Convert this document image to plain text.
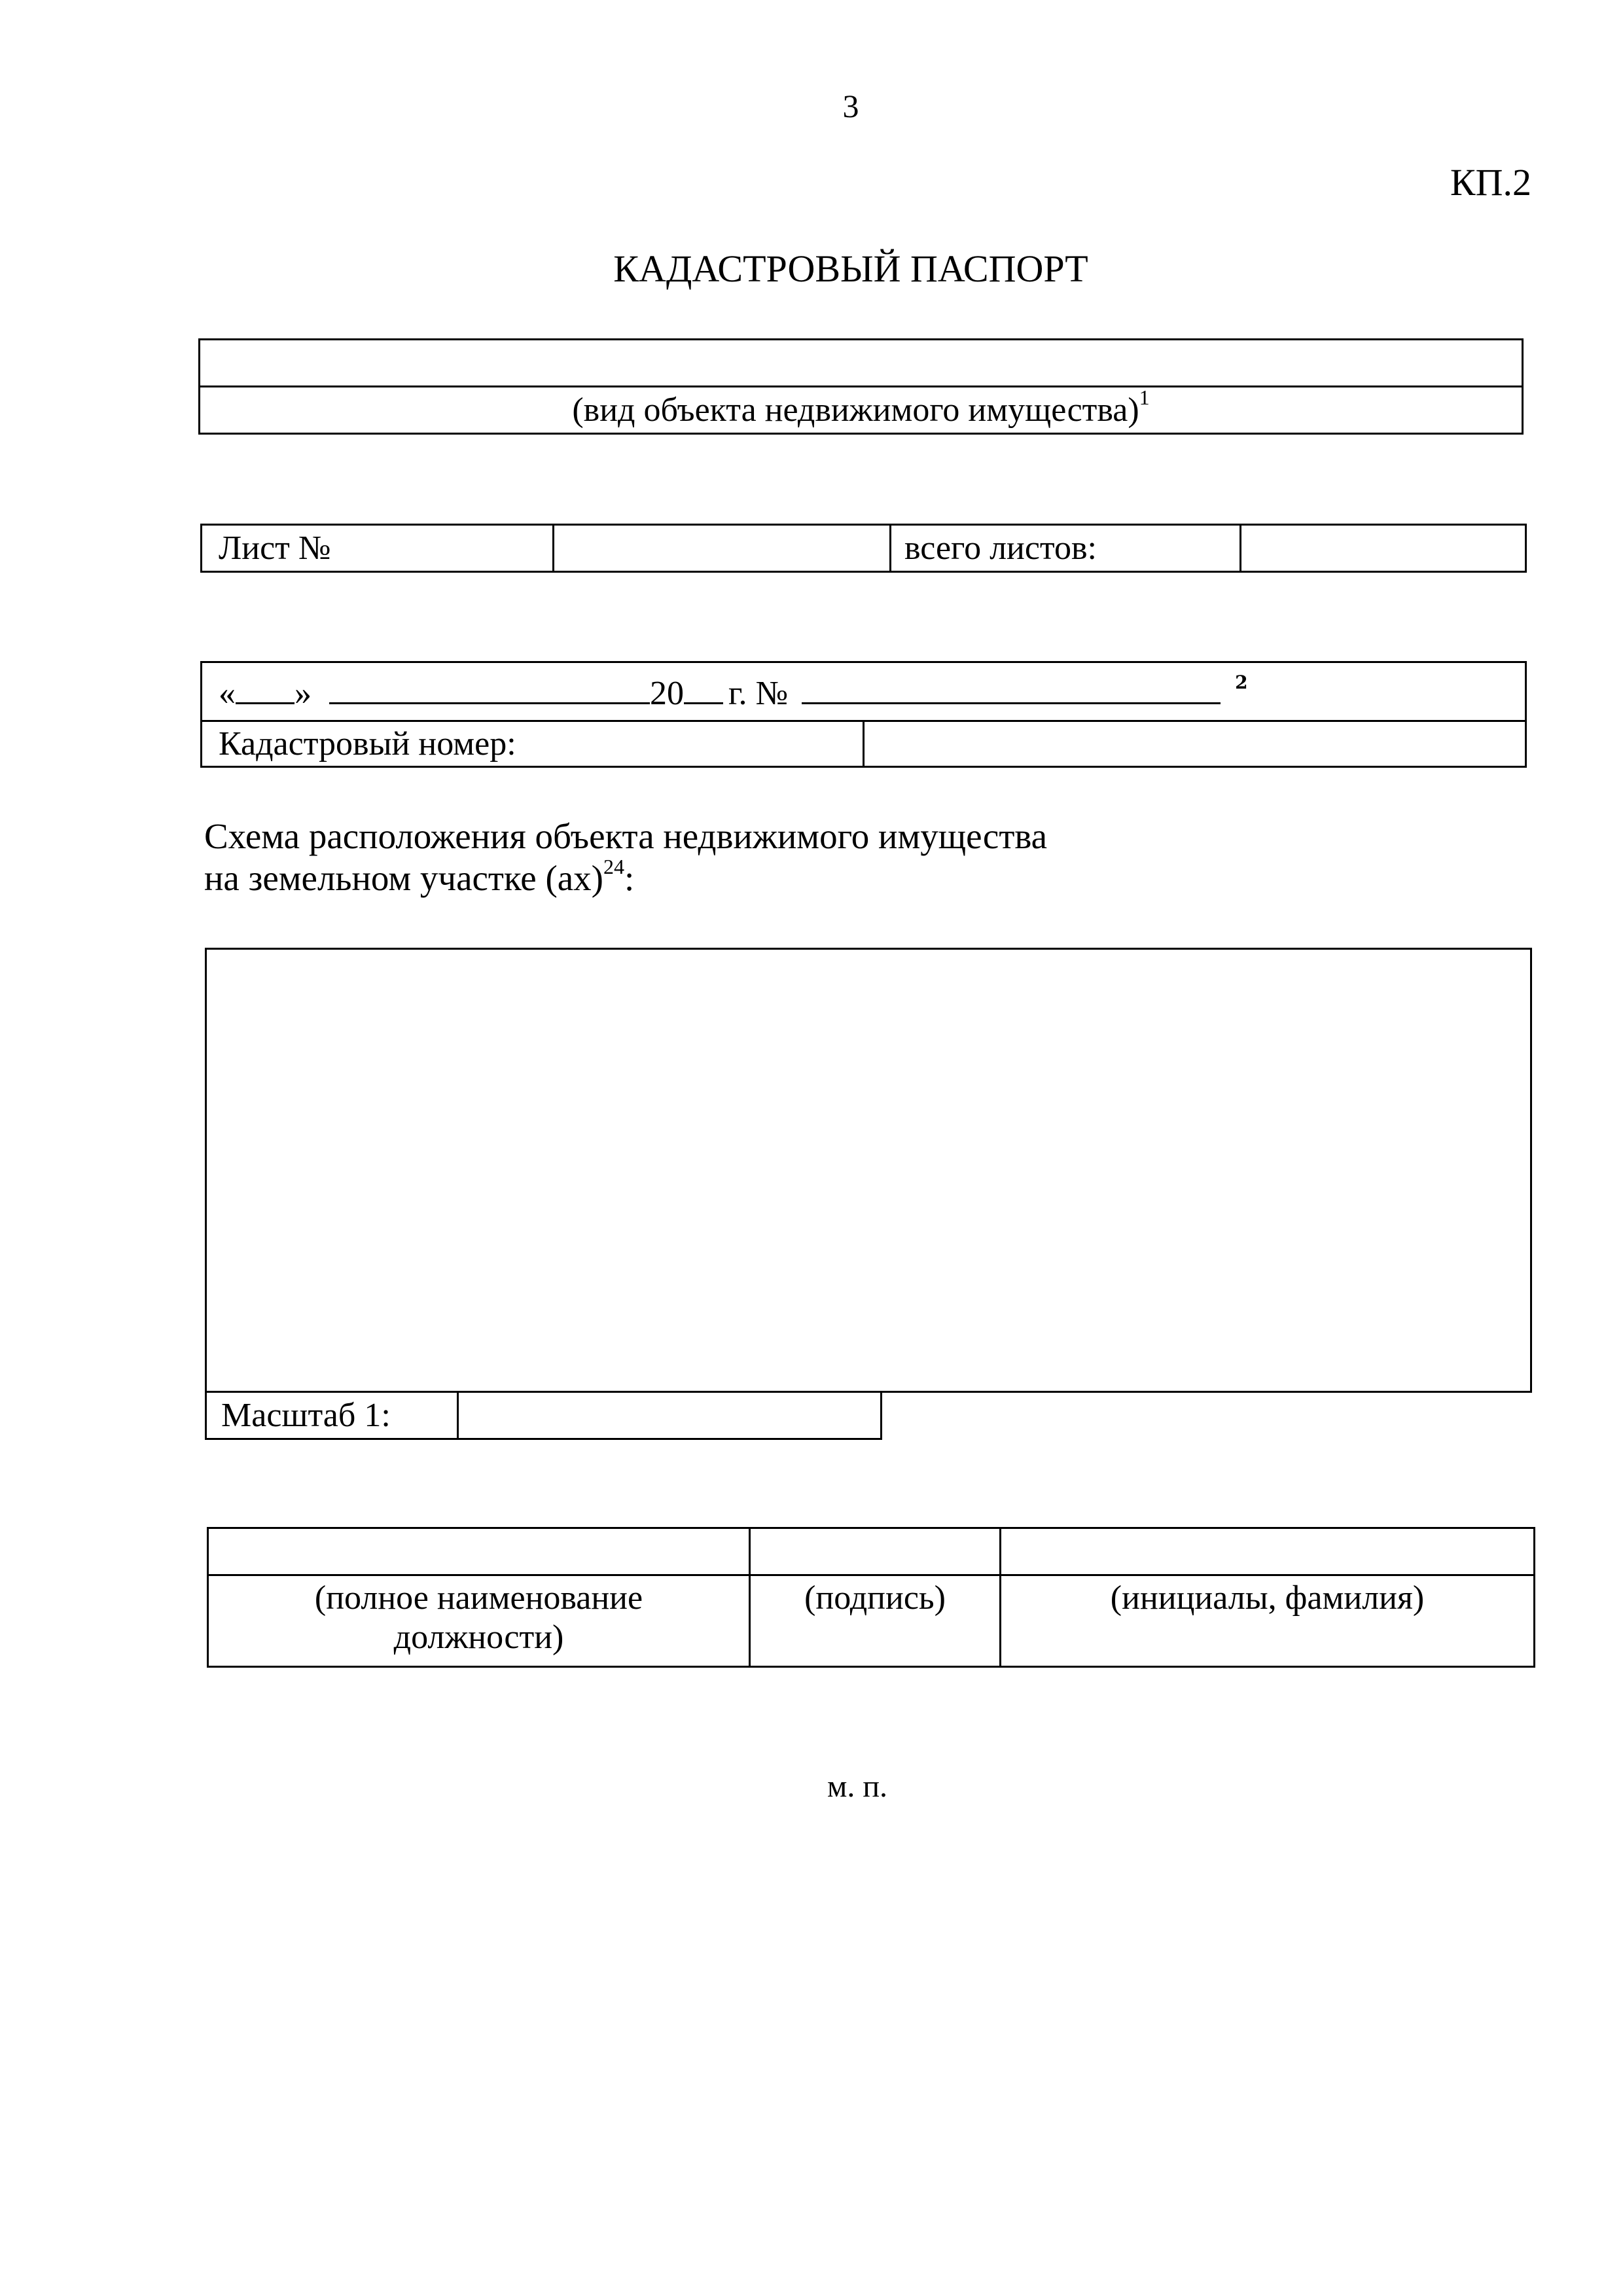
3
КП.2
КАДАСТРОВЫЙ ПАСПОРТ

(вид объекта недвижимого имущества)$^1$
Лист №		всего листов:	
« »	20 г. №	$^2$
Кадастровый номер:	
Схема расположения объекта недвижимого имущества
на земельном участке (ах)$^{24}$:
Масштаб 1:	

(полное наименование
должности)	(подпись)	(инициалы, фамилия)
м. п.
